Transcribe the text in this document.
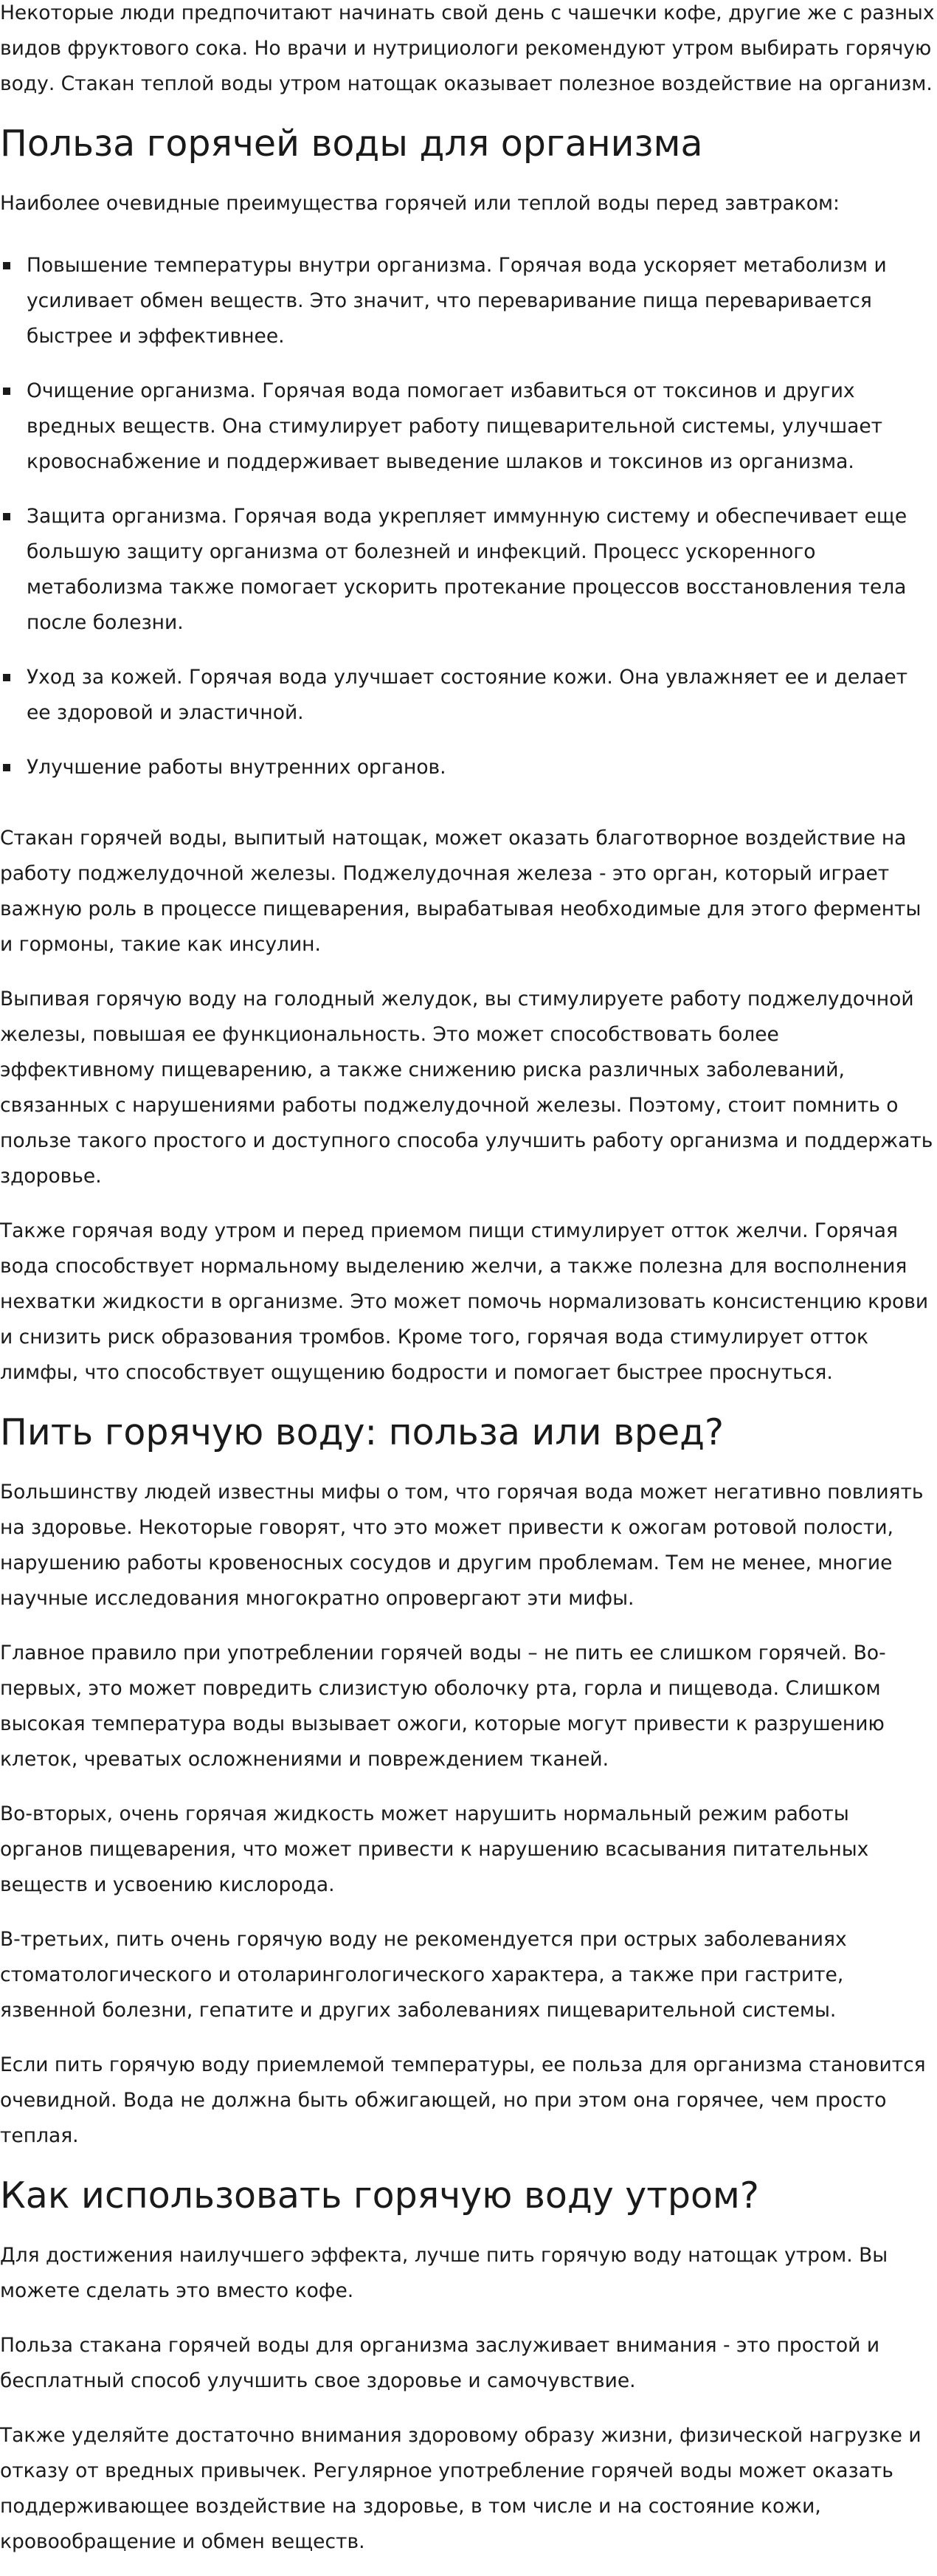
Некоторые люди предпочитают начинать свой день с чашечки кофе, другие же с разных видов фруктового сока. Но врачи и нутрициологи рекомендуют утром выбирать горячую воду. Стакан теплой воды утром натощак оказывает полезное воздействие на организм.

Польза горячей воды для организма

Наиболее очевидные преимущества горячей или теплой воды перед завтраком:

Повышение температуры внутри организма. Горячая вода ускоряет метаболизм и усиливает обмен веществ. Это значит, что переваривание пища переваривается быстрее и эффективнее.
Очищение организма. Горячая вода помогает избавиться от токсинов и других вредных веществ. Она стимулирует работу пищеварительной системы, улучшает кровоснабжение и поддерживает выведение шлаков и токсинов из организма.
Защита организма. Горячая вода укрепляет иммунную систему и обеспечивает еще большую защиту организма от болезней и инфекций. Процесс ускоренного метаболизма также помогает ускорить протекание процессов восстановления тела после болезни.
Уход за кожей. Горячая вода улучшает состояние кожи. Она увлажняет ее и делает ее здоровой и эластичной.
Улучшение работы внутренних органов.

Стакан горячей воды, выпитый натощак, может оказать благотворное воздействие на работу поджелудочной железы. Поджелудочная железа - это орган, который играет важную роль в процессе пищеварения, вырабатывая необходимые для этого ферменты и гормоны, такие как инсулин.

Выпивая горячую воду на голодный желудок, вы стимулируете работу поджелудочной железы, повышая ее функциональность. Это может способствовать более эффективному пищеварению, а также снижению риска различных заболеваний, связанных с нарушениями работы поджелудочной железы. Поэтому, стоит помнить о пользе такого простого и доступного способа улучшить работу организма и поддержать здоровье.

Также горячая воду утром и перед приемом пищи стимулирует отток желчи. Горячая вода способствует нормальному выделению желчи, а также полезна для восполнения нехватки жидкости в организме. Это может помочь нормализовать консистенцию крови и снизить риск образования тромбов. Кроме того, горячая вода стимулирует отток лимфы, что способствует ощущению бодрости и помогает быстрее проснуться.

Пить горячую воду: польза или вред?

Большинству людей известны мифы о том, что горячая вода может негативно повлиять на здоровье. Некоторые говорят, что это может привести к ожогам ротовой полости, нарушению работы кровеносных сосудов и другим проблемам. Тем не менее, многие научные исследования многократно опровергают эти мифы.

Главное правило при употреблении горячей воды – не пить ее слишком горячей. Во-первых, это может повредить слизистую оболочку рта, горла и пищевода. Слишком высокая температура воды вызывает ожоги, которые могут привести к разрушению клеток, чреватых осложнениями и повреждением тканей.

Во-вторых, очень горячая жидкость может нарушить нормальный режим работы органов пищеварения, что может привести к нарушению всасывания питательных веществ и усвоению кислорода.

В-третьих, пить очень горячую воду не рекомендуется при острых заболеваниях стоматологического и отоларингологического характера, а также при гастрите, язвенной болезни, гепатите и других заболеваниях пищеварительной системы.

Если пить горячую воду приемлемой температуры, ее польза для организма становится очевидной. Вода не должна быть обжигающей, но при этом она горячее, чем просто теплая.

Как использовать горячую воду утром?

Для достижения наилучшего эффекта, лучше пить горячую воду натощак утром. Вы можете сделать это вместо кофе.

Польза стакана горячей воды для организма заслуживает внимания - это простой и бесплатный способ улучшить свое здоровье и самочувствие.

Также уделяйте достаточно внимания здоровому образу жизни, физической нагрузке и отказу от вредных привычек. Регулярное употребление горячей воды может оказать поддерживающее воздействие на здоровье, в том числе и на состояние кожи, кровообращение и обмен веществ.
